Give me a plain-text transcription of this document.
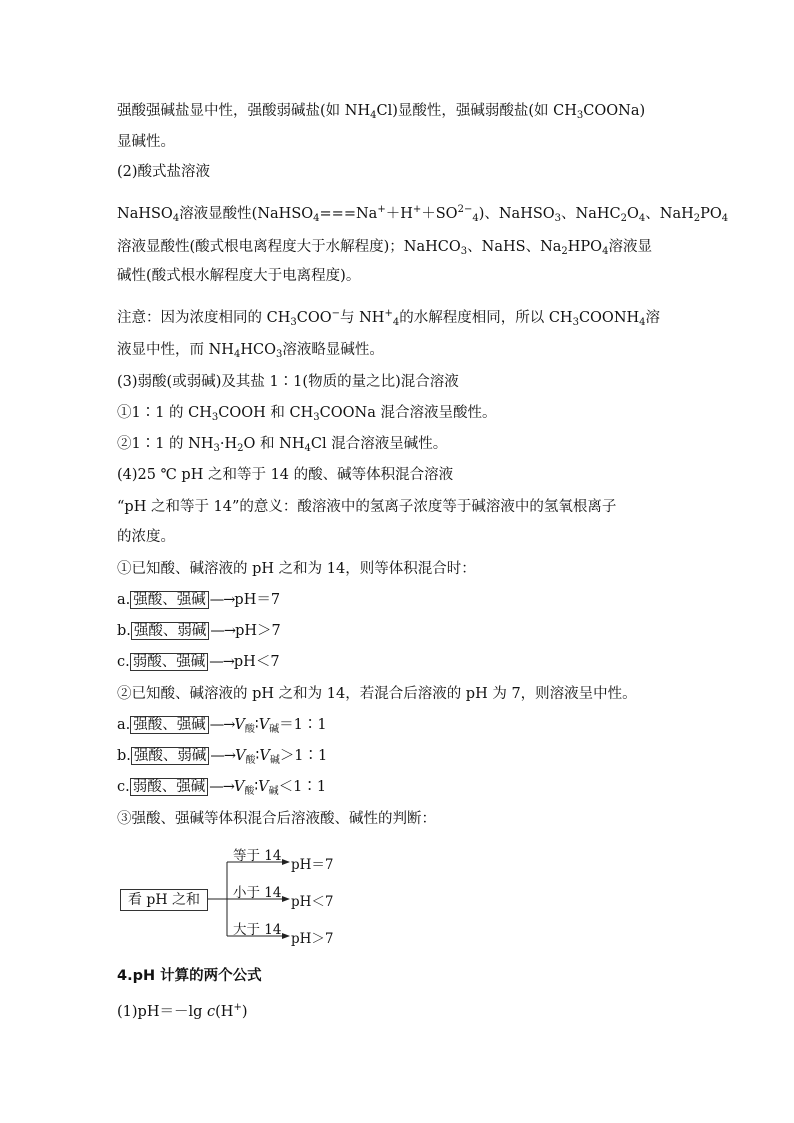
强酸强碱盐显中性，强酸弱碱盐(如 $NH_4Cl$)显酸性，强碱弱酸盐(如 $CH_3COONa$)
显碱性。
(2)酸式盐溶液
NaHSO$_4$溶液显酸性$(NaHSO_4===Na^++H^++SO^{2-}_4)$、NaHSO$_3$、$NaHC_2O_4$、$NaH_2PO_4$
溶液显酸性(酸式根电离程度大于水解程度)；NaHCO$_3$、NaHS、$Na_2HPO_4$溶液显
碱性(酸式根水解程度大于电离程度)。
注意：因为浓度相同的 $CH_3COO^-$与 $NH^+_4$的水解程度相同，所以 $CH_3COONH_4$溶
液显中性，而 $NH_4HCO_3$溶液略显碱性。
(3)弱酸(或弱碱)及其盐 1∶1(物质的量之比)混合溶液
①1∶1 的 $CH_3COOH$ 和 $CH_3COONa$ 混合溶液呈酸性。
②1∶1 的 $NH_3\cdot H_2O$ 和 $NH_4Cl$ 混合溶液呈碱性。
(4)25 ℃ pH 之和等于 14 的酸、碱等体积混合溶液
“pH 之和等于 14”的意义：酸溶液中的氢离子浓度等于碱溶液中的氢氧根离子
的浓度。
①已知酸、碱溶液的 pH 之和为 14，则等体积混合时：
a. 强酸、强碱 —→pH＝7
b. 强酸、弱碱 —→pH＞7
c. 弱酸、强碱 —→pH＜7
②已知酸、碱溶液的 pH 之和为 14，若混合后溶液的 pH 为 7，则溶液呈中性。
a. 强酸、强碱 $—\to V_酸∶V_碱=1∶1$
b. 强酸、弱碱 $—\to V_酸∶V_碱>1∶1$
c. 弱酸、强碱 $—\to V_酸∶V_碱<1∶1$
③强酸、强碱等体积混合后溶液酸、碱性的判断：
看 pH 之和
等于 14
pH＝7
小于 14
pH＜7
大于 14
pH＞7
4.pH 计算的两个公式
(1)pH＝－lg c(H+)
